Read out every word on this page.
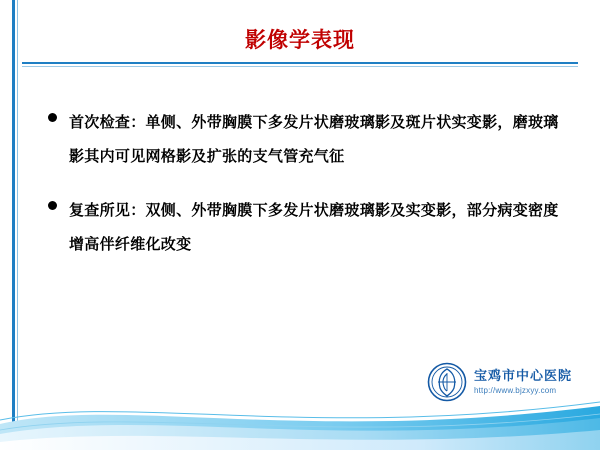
影像学表现
首次检查：单侧、外带胸膜下多发片状磨玻璃影及斑片状实变影，磨玻璃影其内可见网格影及扩张的支气管充气征
复查所见：双侧、外带胸膜下多发片状磨玻璃影及实变影，部分病变密度增高伴纤维化改变
宝鸡市中心医院
http://www.bjzxyy.com
